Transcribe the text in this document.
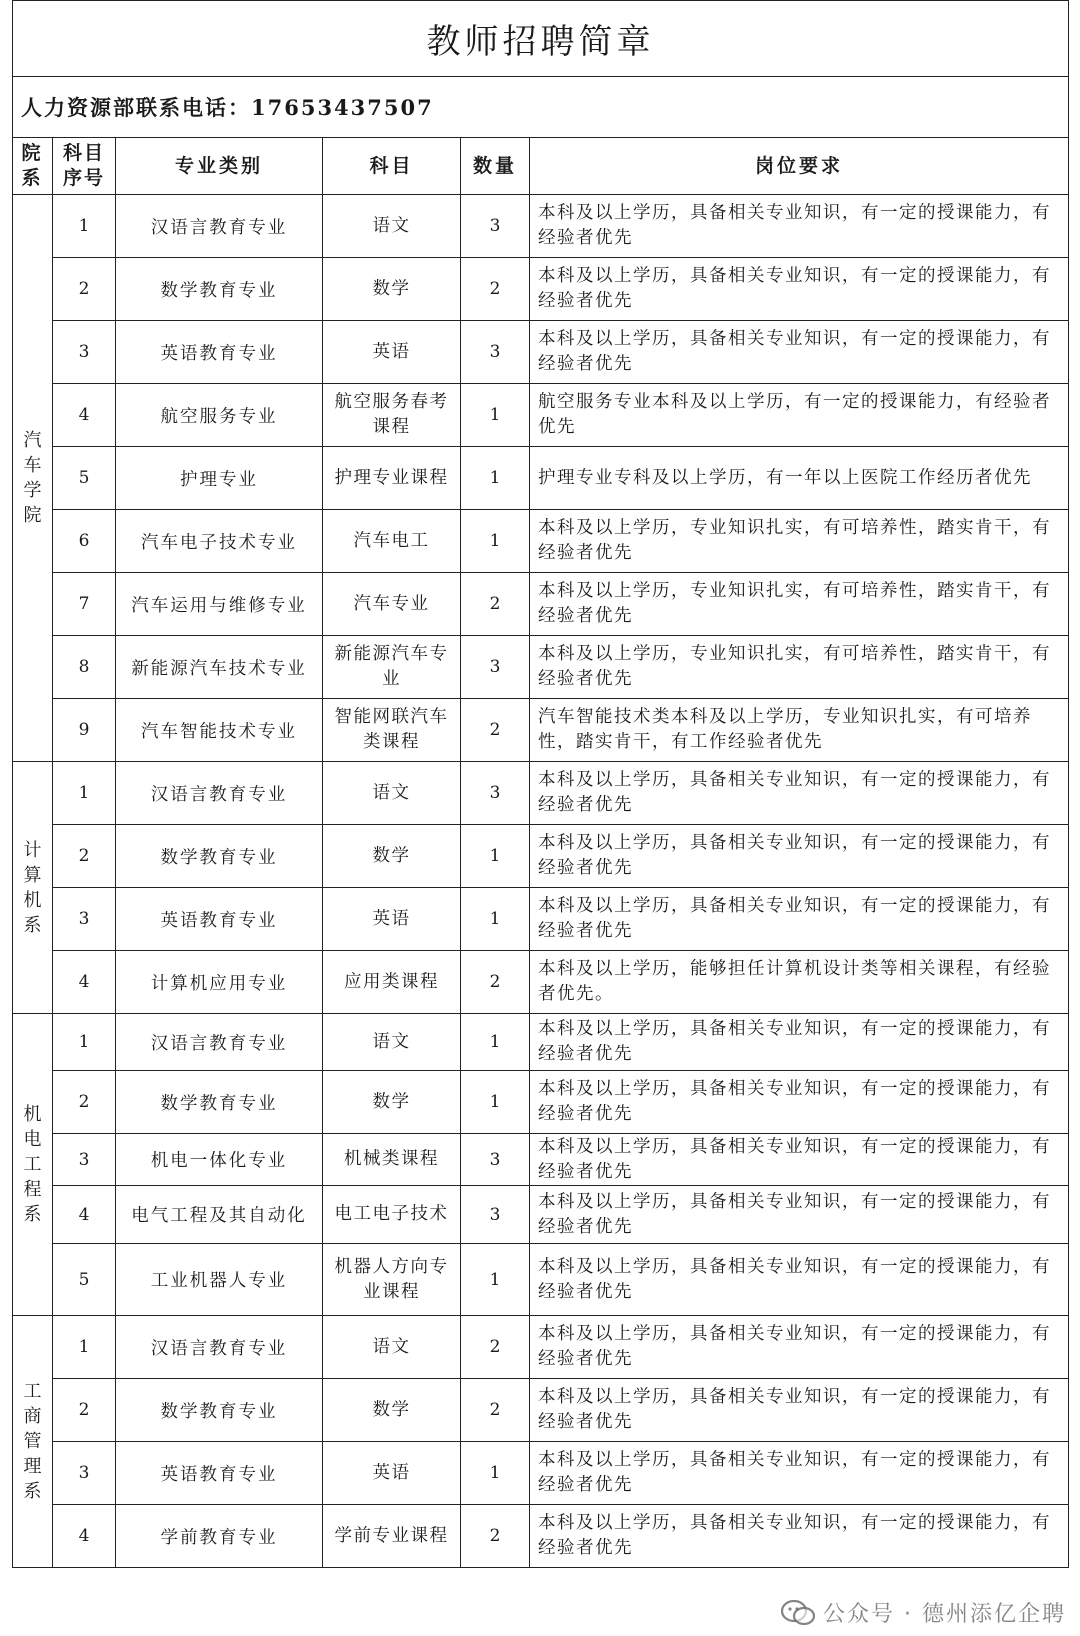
教师招聘简章					
人力资源部联系电话：17653437507					
院系	科目序号	专业类别	科目	数量	岗位要求

汽车学院	1	汉语言教育专业	语文	3	本科及以上学历，具备相关专业知识，有一定的授课能力，有经验者优先
	2	数学教育专业	数学	2	本科及以上学历，具备相关专业知识，有一定的授课能力，有经验者优先
	3	英语教育专业	英语	3	本科及以上学历，具备相关专业知识，有一定的授课能力，有经验者优先
	4	航空服务专业	航空服务春考课程	1	航空服务专业本科及以上学历，有一定的授课能力，有经验者优先
	5	护理专业	护理专业课程	1	护理专业专科及以上学历，有一年以上医院工作经历者优先
	6	汽车电子技术专业	汽车电工	1	本科及以上学历，专业知识扎实，有可培养性，踏实肯干，有经验者优先
	7	汽车运用与维修专业	汽车专业	2	本科及以上学历，专业知识扎实，有可培养性，踏实肯干，有经验者优先
	8	新能源汽车技术专业	新能源汽车专业	3	本科及以上学历，专业知识扎实，有可培养性，踏实肯干，有经验者优先
	9	汽车智能技术专业	智能网联汽车类课程	2	汽车智能技术类本科及以上学历，专业知识扎实，有可培养性，踏实肯干，有工作经验者优先

计算机系	1	汉语言教育专业	语文	3	本科及以上学历，具备相关专业知识，有一定的授课能力，有经验者优先
	2	数学教育专业	数学	1	本科及以上学历，具备相关专业知识，有一定的授课能力，有经验者优先
	3	英语教育专业	英语	1	本科及以上学历，具备相关专业知识，有一定的授课能力，有经验者优先
	4	计算机应用专业	应用类课程	2	本科及以上学历，能够担任计算机设计类等相关课程，有经验者优先。

机电工程系	1	汉语言教育专业	语文	1	本科及以上学历，具备相关专业知识，有一定的授课能力，有经验者优先
	2	数学教育专业	数学	1	本科及以上学历，具备相关专业知识，有一定的授课能力，有经验者优先
	3	机电一体化专业	机械类课程	3	本科及以上学历，具备相关专业知识，有一定的授课能力，有经验者优先
	4	电气工程及其自动化	电工电子技术	3	本科及以上学历，具备相关专业知识，有一定的授课能力，有经验者优先
	5	工业机器人专业	机器人方向专业课程	1	本科及以上学历，具备相关专业知识，有一定的授课能力，有经验者优先

工商管理系	1	汉语言教育专业	语文	2	本科及以上学历，具备相关专业知识，有一定的授课能力，有经验者优先
	2	数学教育专业	数学	2	本科及以上学历，具备相关专业知识，有一定的授课能力，有经验者优先
	3	英语教育专业	英语	1	本科及以上学历，具备相关专业知识，有一定的授课能力，有经验者优先
	4	学前教育专业	学前专业课程	2	本科及以上学历，具备相关专业知识，有一定的授课能力，有经验者优先
公众号 · 德州添亿企聘
